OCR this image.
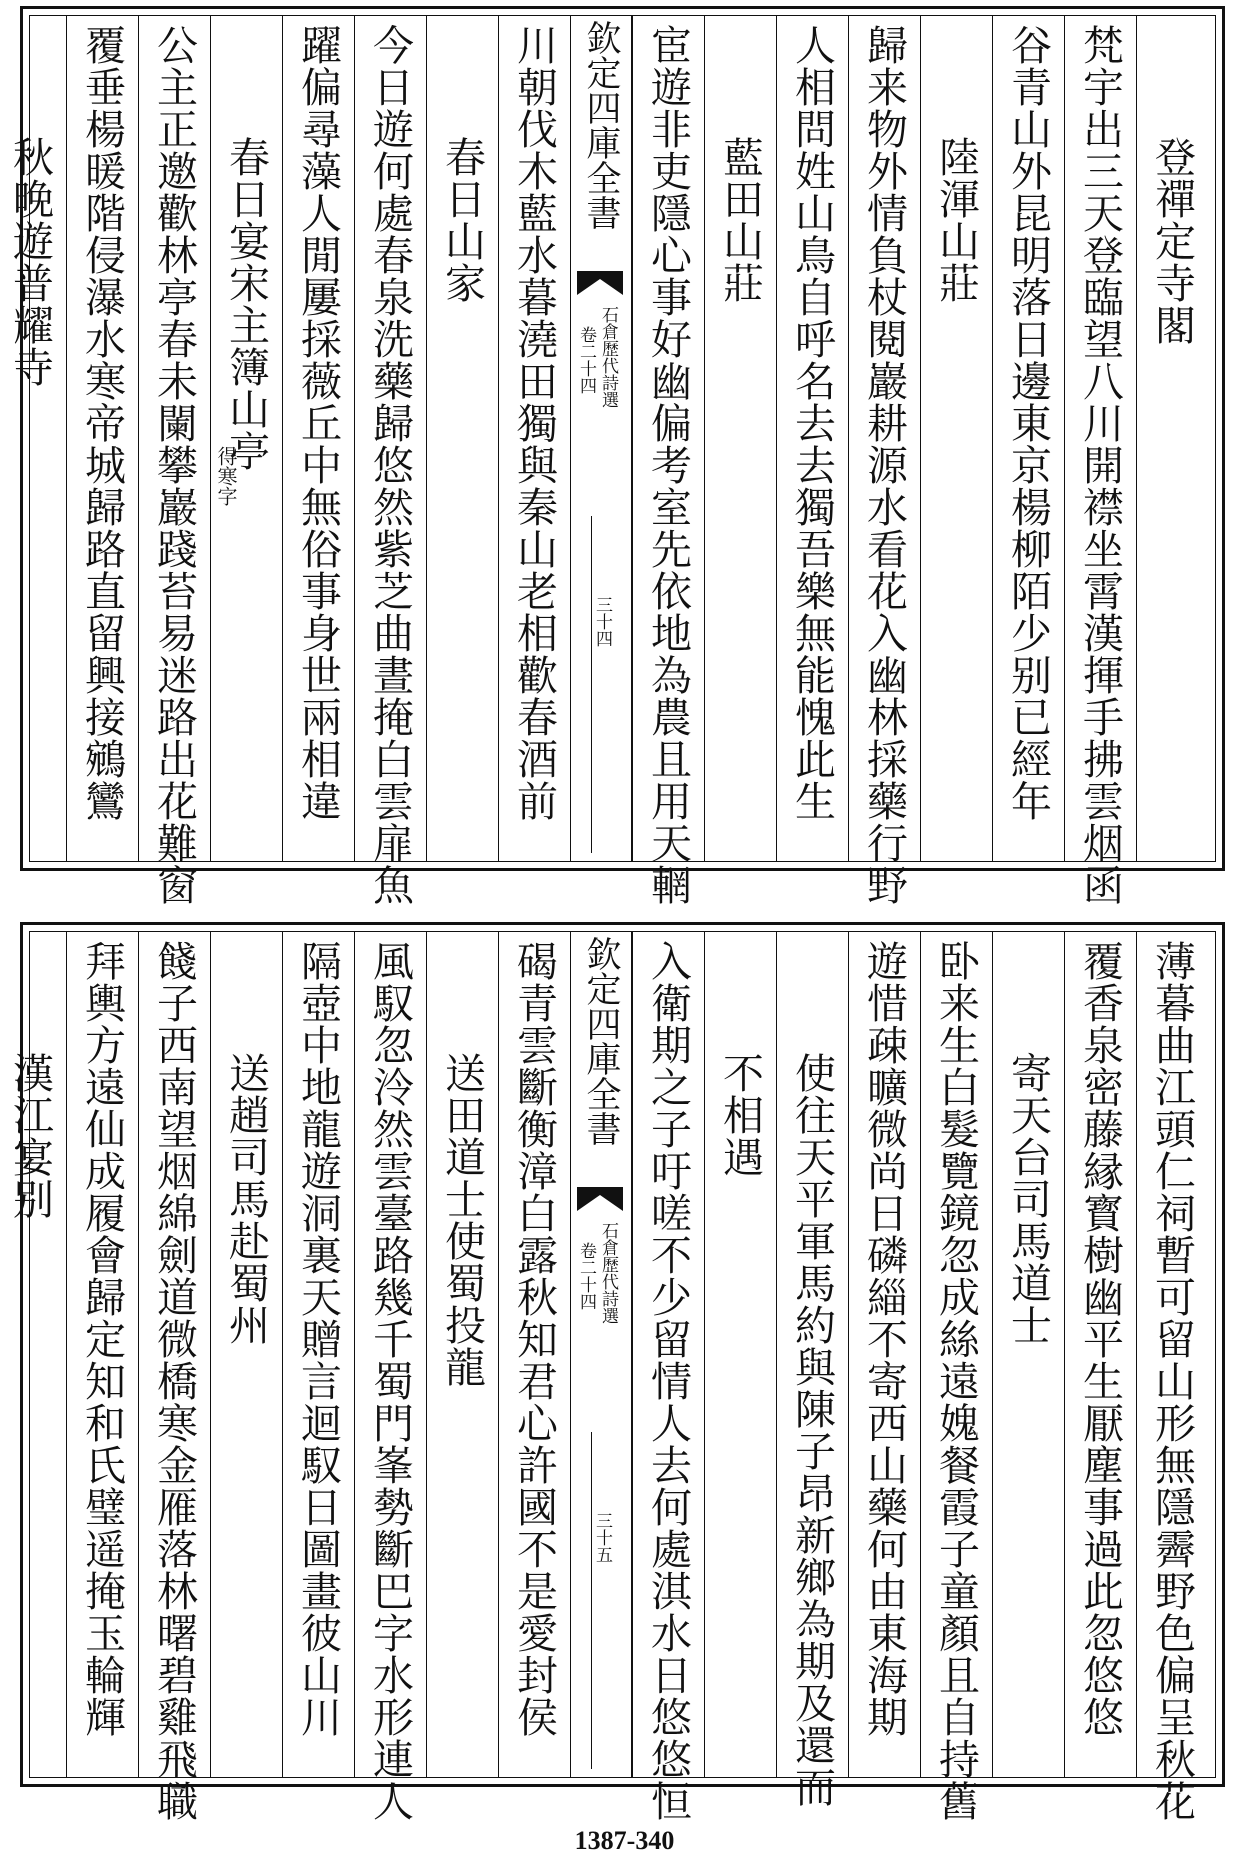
登禪定寺閣
梵宇出三天登臨望八川開襟坐霄漢揮手拂雲烟函
谷青山外昆明落日邊東京楊柳陌少别已經年
陸渾山莊
歸来物外情負杖閱巖耕源水看花入幽林採藥行野
人相問姓山鳥自呼名去去獨吾樂無能愧此生
藍田山莊
宦遊非吏隱心事好幽偏考室先依地為農且用天輞
欽定四庫全書
石倉歷代詩選
卷二十四
三十四
川朝伐木藍水暮澆田獨與秦山老相歡春酒前
春日山家
今日遊何處春泉洗藥歸悠然紫芝曲晝掩白雲扉魚
躍偏尋藻人閒屢採薇丘中無俗事身世兩相違
春日宴宋主簿山亭
得寒字
公主正邀歡林亭春未闌攀巖踐苔易迷路出花難窗
覆垂楊暖階侵瀑水寒帝城歸路直留興接鵷鸞
秋晚遊普耀寺
薄暮曲江頭仁祠暫可留山形無隱霽野色偏呈秋花
覆香泉密藤縁寳樹幽平生厭塵事過此忽悠悠
寄天台司馬道士
卧来生白髮覽鏡忽成絲遠媿餐霞子童顏且自持舊
遊惜疎曠微尚日磷緇不寄西山藥何由東海期
使往天平軍馬約與陳子昂新鄉為期及還而
不相遇
入衛期之子吁嗟不少留情人去何處淇水日悠悠恒
欽定四庫全書
石倉歷代詩選
卷二十四
三十五
碣青雲斷衡漳白露秋知君心許國不是愛封侯
送田道士使蜀投龍
風馭忽泠然雲臺路幾千蜀門峯勢斷巴字水形連人
隔壺中地龍遊洞裏天贈言迴馭日圖畫彼山川
送趙司馬赴蜀州
餞子西南望烟綿劍道微橋寒金雁落林曙碧雞飛職
拜輿方遠仙成履會歸定知和氏璧遥掩玉輪輝
漢江宴别
1387-340
